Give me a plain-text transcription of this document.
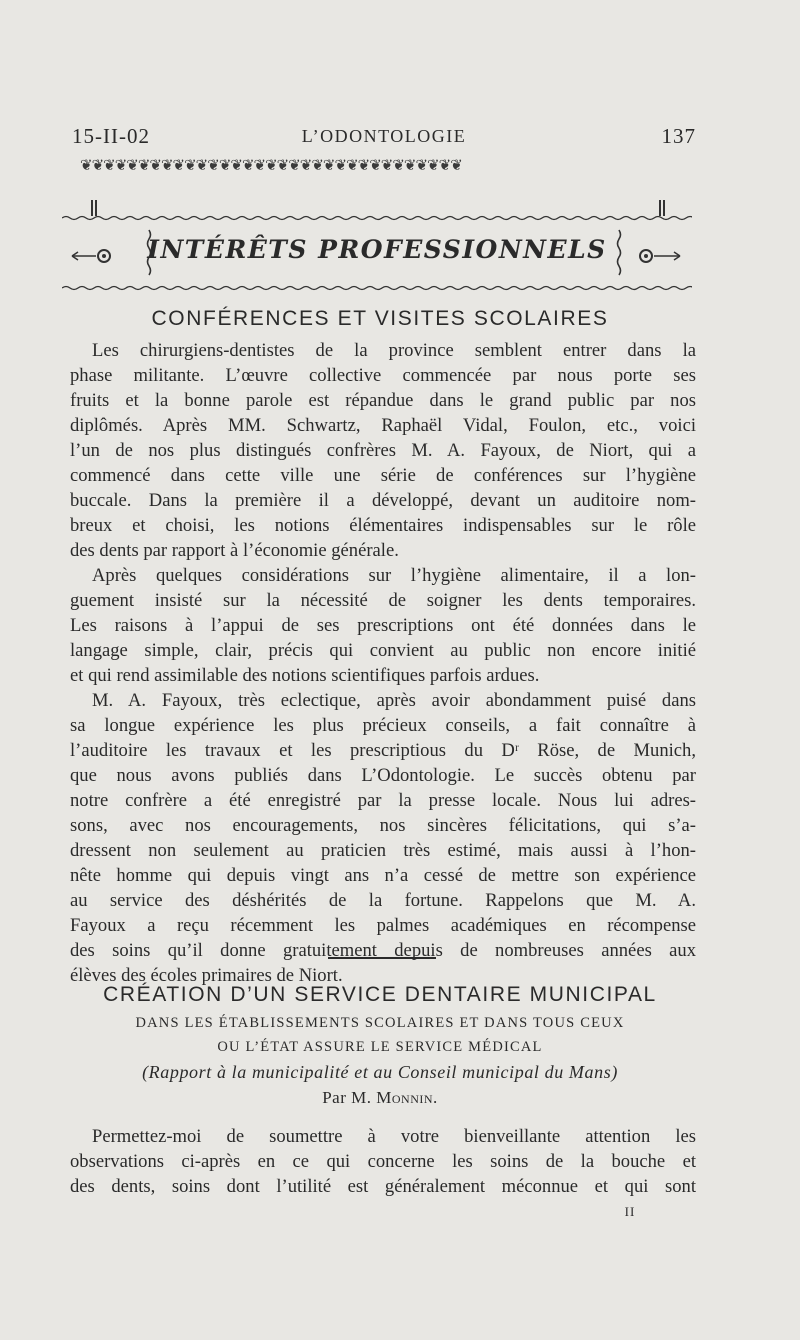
15-II-02	L’ODONTOLOGIE	137
❦❦❦❦❦❦❦❦❦❦❦❦❦❦❦❦❦❦❦❦❦❦❦❦❦❦❦❦❦❦❦❦❦
INTÉRÊTS PROFESSIONNELS
CONFÉRENCES ET VISITES SCOLAIRES

Les chirurgiens-dentistes de la province semblent entrer dans la
phase militante. L’œuvre collective commencée par nous porte ses
fruits et la bonne parole est répandue dans le grand public par nos
diplômés. Après MM. Schwartz, Raphaël Vidal, Foulon, etc., voici
l’un de nos plus distingués confrères M. A. Fayoux, de Niort, qui a
commencé dans cette ville une série de conférences sur l’hygiène
buccale. Dans la première il a développé, devant un auditoire nom-
breux et choisi, les notions élémentaires indispensables sur le rôle
des dents par rapport à l’économie générale.

Après quelques considérations sur l’hygiène alimentaire, il a lon-
guement insisté sur la nécessité de soigner les dents temporaires.
Les raisons à l’appui de ses prescriptions ont été données dans le
langage simple, clair, précis qui convient au public non encore initié
et qui rend assimilable des notions scientifiques parfois ardues.

M. A. Fayoux, très eclectique, après avoir abondamment puisé dans
sa longue expérience les plus précieux conseils, a fait connaître à
l’auditoire les travaux et les prescriptious du Dʳ Röse, de Munich,
que nous avons publiés dans L’Odontologie. Le succès obtenu par
notre confrère a été enregistré par la presse locale. Nous lui adres-
sons, avec nos encouragements, nos sincères félicitations, qui s’a-
dressent non seulement au praticien très estimé, mais aussi à l’hon-
nête homme qui depuis vingt ans n’a cessé de mettre son expérience
au service des déshérités de la fortune. Rappelons que M. A.
Fayoux a reçu récemment les palmes académiques en récompense
des soins qu’il donne gratuitement depuis de nombreuses années aux
élèves des écoles primaires de Niort.

CRÉATION D’UN SERVICE DENTAIRE MUNICIPAL
DANS LES ÉTABLISSEMENTS SCOLAIRES ET DANS TOUS CEUX
OU L’ÉTAT ASSURE LE SERVICE MÉDICAL
(Rapport à la municipalité et au Conseil municipal du Mans)
Par M. Monnin.

Permettez-moi de soumettre à votre bienveillante attention les
observations ci-après en ce qui concerne les soins de la bouche et
des dents, soins dont l’utilité est généralement méconnue et qui sont

II
